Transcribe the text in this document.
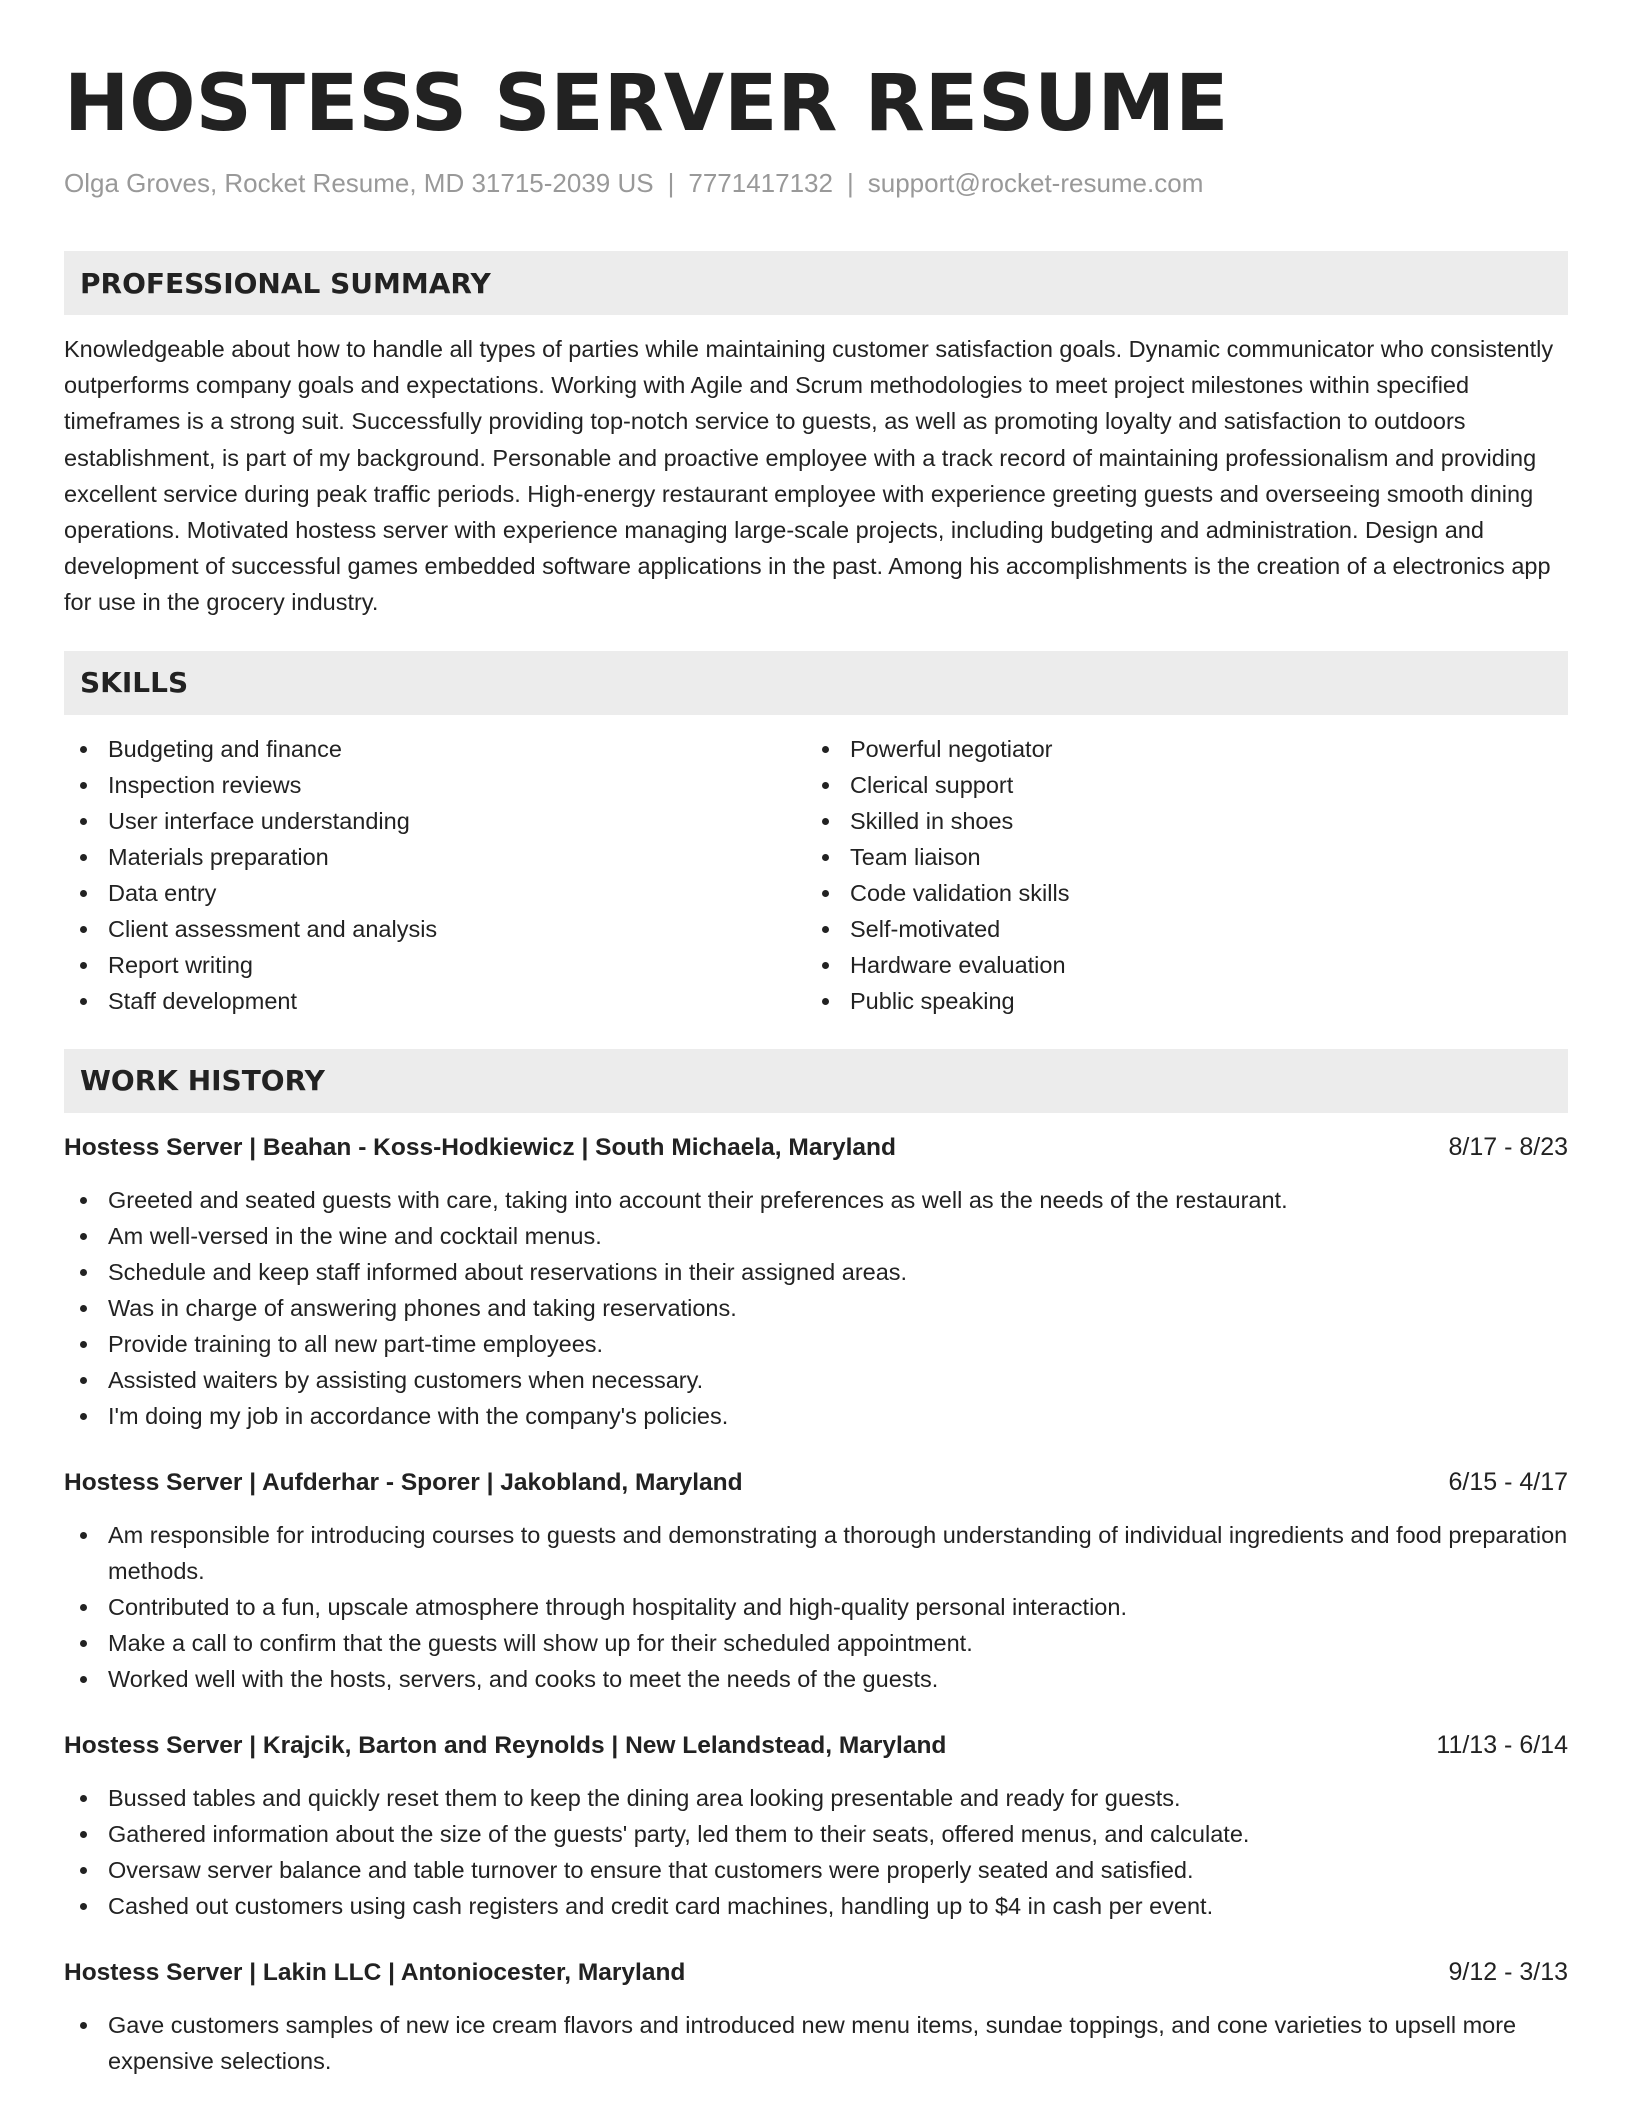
HOSTESS SERVER RESUME
Olga Groves, Rocket Resume, MD 31715-2039 US | 7771417132 | support@rocket-resume.com
PROFESSIONAL SUMMARY

Knowledgeable about how to handle all types of parties while maintaining customer satisfaction goals. Dynamic communicator who consistently outperforms company goals and expectations. Working with Agile and Scrum methodologies to meet project milestones within specified timeframes is a strong suit. Successfully providing top-notch service to guests, as well as promoting loyalty and satisfaction to outdoors establishment, is part of my background. Personable and proactive employee with a track record of maintaining professionalism and providing excellent service during peak traffic periods. High-energy restaurant employee with experience greeting guests and overseeing smooth dining operations. Motivated hostess server with experience managing large-scale projects, including budgeting and administration. Design and development of successful games embedded software applications in the past. Among his accomplishments is the creation of a electronics app for use in the grocery industry.

SKILLS
Budgeting and finance
Inspection reviews
User interface understanding
Materials preparation
Data entry
Client assessment and analysis
Report writing
Staff development
Powerful negotiator
Clerical support
Skilled in shoes
Team liaison
Code validation skills
Self-motivated
Hardware evaluation
Public speaking
WORK HISTORY
Hostess Server | Beahan - Koss-Hodkiewicz | South Michaela, Maryland	8/17 - 8/23
Greeted and seated guests with care, taking into account their preferences as well as the needs of the restaurant.
Am well-versed in the wine and cocktail menus.
Schedule and keep staff informed about reservations in their assigned areas.
Was in charge of answering phones and taking reservations.
Provide training to all new part-time employees.
Assisted waiters by assisting customers when necessary.
I'm doing my job in accordance with the company's policies.
Hostess Server | Aufderhar - Sporer | Jakobland, Maryland	6/15 - 4/17
Am responsible for introducing courses to guests and demonstrating a thorough understanding of individual ingredients and food preparation methods.
Contributed to a fun, upscale atmosphere through hospitality and high-quality personal interaction.
Make a call to confirm that the guests will show up for their scheduled appointment.
Worked well with the hosts, servers, and cooks to meet the needs of the guests.
Hostess Server | Krajcik, Barton and Reynolds | New Lelandstead, Maryland	11/13 - 6/14
Bussed tables and quickly reset them to keep the dining area looking presentable and ready for guests.
Gathered information about the size of the guests' party, led them to their seats, offered menus, and calculate.
Oversaw server balance and table turnover to ensure that customers were properly seated and satisfied.
Cashed out customers using cash registers and credit card machines, handling up to $4 in cash per event.
Hostess Server | Lakin LLC | Antoniocester, Maryland	9/12 - 3/13
Gave customers samples of new ice cream flavors and introduced new menu items, sundae toppings, and cone varieties to upsell more expensive selections.
